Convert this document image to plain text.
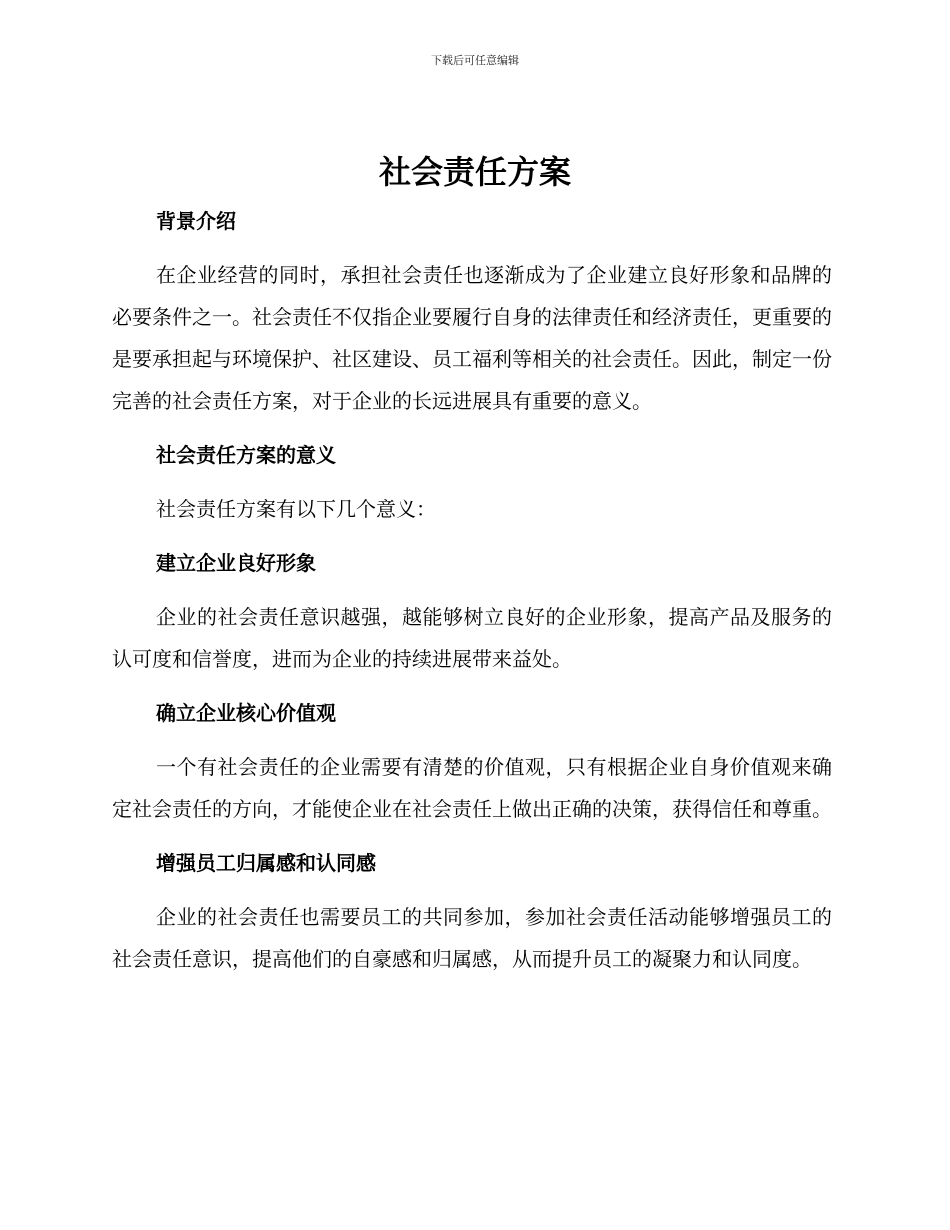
下载后可任意编辑
社会责任方案
背景介绍

在企业经营的同时，承担社会责任也逐渐成为了企业建立良好形象和品牌的必要条件之一。社会责任不仅指企业要履行自身的法律责任和经济责任，更重要的是要承担起与环境保护、社区建设、员工福利等相关的社会责任。因此，制定一份完善的社会责任方案，对于企业的长远进展具有重要的意义。

社会责任方案的意义

社会责任方案有以下几个意义：

建立企业良好形象

企业的社会责任意识越强，越能够树立良好的企业形象，提高产品及服务的认可度和信誉度，进而为企业的持续进展带来益处。

确立企业核心价值观

一个有社会责任的企业需要有清楚的价值观，只有根据企业自身价值观来确定社会责任的方向，才能使企业在社会责任上做出正确的决策，获得信任和尊重。

增强员工归属感和认同感

企业的社会责任也需要员工的共同参加，参加社会责任活动能够增强员工的社会责任意识，提高他们的自豪感和归属感，从而提升员工的凝聚力和认同度。
